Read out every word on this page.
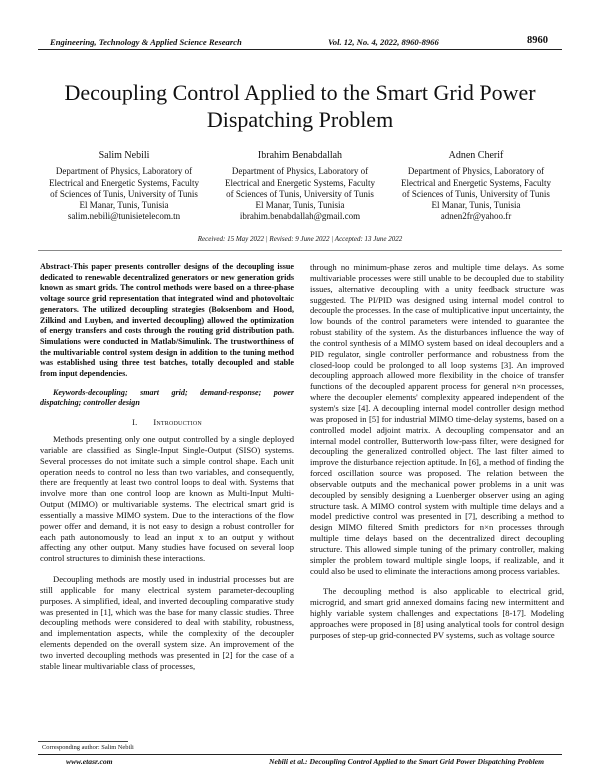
Engineering, Technology & Applied Science Research	Vol. 12, No. 4, 2022, 8960-8966	8960
Decoupling Control Applied to the Smart Grid Power Dispatching Problem
Salim Nebili
Department of Physics, Laboratory of
Electrical and Energetic Systems, Faculty
of Sciences of Tunis, University of Tunis
El Manar, Tunis, Tunisia
salim.nebili@tunisietelecom.tn
Ibrahim Benabdallah
Department of Physics, Laboratory of
Electrical and Energetic Systems, Faculty
of Sciences of Tunis, University of Tunis
El Manar, Tunis, Tunisia
ibrahim.benabdallah@gmail.com
Adnen Cherif
Department of Physics, Laboratory of
Electrical and Energetic Systems, Faculty
of Sciences of Tunis, University of Tunis
El Manar, Tunis, Tunisia
adnen2fr@yahoo.fr
Received: 15 May 2022 | Revised: 9 June 2022 | Accepted: 13 June 2022

Abstract-This paper presents controller designs of the decoupling issue dedicated to renewable decentralized generators or new generation grids known as smart grids. The control methods were based on a three-phase voltage source grid representation that integrated wind and photovoltaic generators. The utilized decoupling strategies (Boksenbom and Hood, Zilkind and Luyben, and inverted decoupling) allowed the optimization of energy transfers and costs through the routing grid distribution path. Simulations were conducted in Matlab/Simulink. The trustworthiness of the multivariable control system design in addition to the tuning method was established using three test batches, totally decoupled and stable from input dependencies.

Keywords-decoupling; smart grid; demand-response; power dispatching; controller design

I. Introduction

Methods presenting only one output controlled by a single deployed variable are classified as Single-Input Single-Output (SISO) systems. Several processes do not imitate such a simple control shape. Each unit operation needs to control no less than two variables, and consequently, there are frequently at least two control loops to deal with. Systems that involve more than one control loop are known as Multi-Input Multi-Output (MIMO) or multivariable systems. The electrical smart grid is essentially a massive MIMO system. Due to the interactions of the flow power offer and demand, it is not easy to design a robust controller for each path autonomously to lead an input x to an output y without affecting any other output. Many studies have focused on several loop control structures to diminish these interactions.

Decoupling methods are mostly used in industrial processes but are still applicable for many electrical system parameter-decoupling purposes. A simplified, ideal, and inverted decoupling comparative study was presented in [1], which was the base for many classic studies. Three decoupling methods were considered to deal with stability, robustness, and implementation aspects, while the complexity of the decoupler elements depended on the overall system size. An improvement of the two inverted decoupling methods was presented in [2] for the case of a stable linear multivariable class of processes,

through no minimum-phase zeros and multiple time delays. As some multivariable processes were still unable to be decoupled due to stability issues, alternative decoupling with a unity feedback structure was suggested. The PI/PID was designed using internal model control to decouple the processes. In the case of multiplicative input uncertainty, the low bounds of the control parameters were intended to guarantee the robust stability of the system. As the disturbances influence the way of the control synthesis of a MIMO system based on ideal decouplers and a PID regulator, single controller performance and robustness from the closed-loop could be prolonged to all loop systems [3]. An improved decoupling approach allowed more flexibility in the choice of transfer functions of the decoupled apparent process for general n×n processes, where the decoupler elements' complexity appeared independent of the system's size [4]. A decoupling internal model controller design method was proposed in [5] for industrial MIMO time-delay systems, based on a controlled model adjoint matrix. A decoupling compensator and an internal model controller, Butterworth low-pass filter, were designed for decoupling the generalized controlled object. The last filter aimed to improve the disturbance rejection aptitude. In [6], a method of finding the forced oscillation source was proposed. The relation between the observable outputs and the mechanical power problems in a unit was decoupled by sensibly designing a Luenberger observer using an aging structure task. A MIMO control system with multiple time delays and a model predictive control was presented in [7], describing a method to design MIMO filtered Smith predictors for n×n processes through multiple time delays based on the decentralized direct decoupling structure. This allowed simple tuning of the primary controller, making simpler the problem toward multiple single loops, if realizable, and it could also be used to eliminate the interactions among process variables.

The decoupling method is also applicable to electrical grid, microgrid, and smart grid annexed domains facing new intermittent and highly variable system challenges and expectations [8-17]. Modeling approaches were proposed in [8] using analytical tools for control design purposes of step-up grid-connected PV systems, such as voltage source

Corresponding author: Salim Nebili
www.etasr.com	Nebili et al.: Decoupling Control Applied to the Smart Grid Power Dispatching Problem
